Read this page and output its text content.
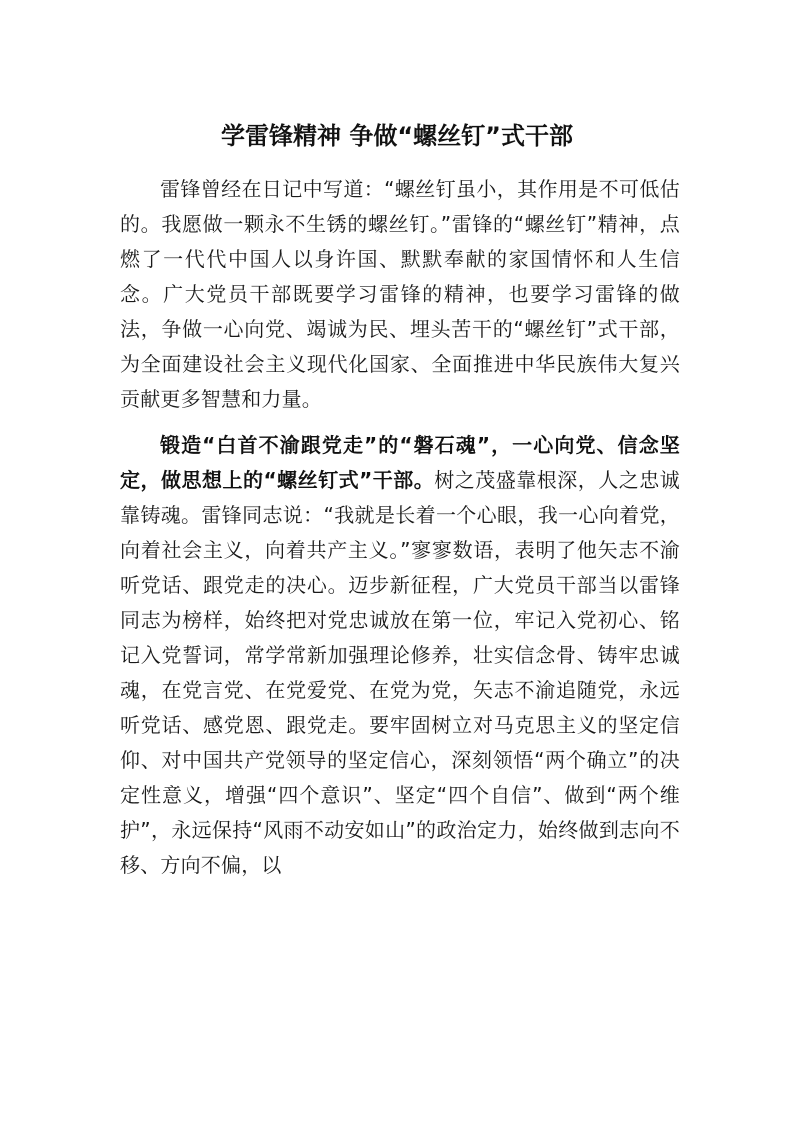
学雷锋精神 争做“螺丝钉”式干部

雷锋曾经在日记中写道：“螺丝钉虽小，其作用是不可低估的。我愿做一颗永不生锈的螺丝钉。”雷锋的“螺丝钉”精神，点燃了一代代中国人以身许国、默默奉献的家国情怀和人生信念。广大党员干部既要学习雷锋的精神，也要学习雷锋的做法，争做一心向党、竭诚为民、埋头苦干的“螺丝钉”式干部，为全面建设社会主义现代化国家、全面推进中华民族伟大复兴贡献更多智慧和力量。

锻造“白首不渝跟党走”的“磐石魂”，一心向党、信念坚定，做思想上的“螺丝钉式”干部。树之茂盛靠根深，人之忠诚靠铸魂。雷锋同志说：“我就是长着一个心眼，我一心向着党，向着社会主义，向着共产主义。”寥寥数语，表明了他矢志不渝听党话、跟党走的决心。迈步新征程，广大党员干部当以雷锋同志为榜样，始终把对党忠诚放在第一位，牢记入党初心、铭记入党誓词，常学常新加强理论修养，壮实信念骨、铸牢忠诚魂，在党言党、在党爱党、在党为党，矢志不渝追随党，永远听党话、感党恩、跟党走。要牢固树立对马克思主义的坚定信仰、对中国共产党领导的坚定信心，深刻领悟“两个确立”的决定性意义，增强“四个意识”、坚定“四个自信”、做到“两个维护”，永远保持“风雨不动安如山”的政治定力，始终做到志向不移、方向不偏，以
